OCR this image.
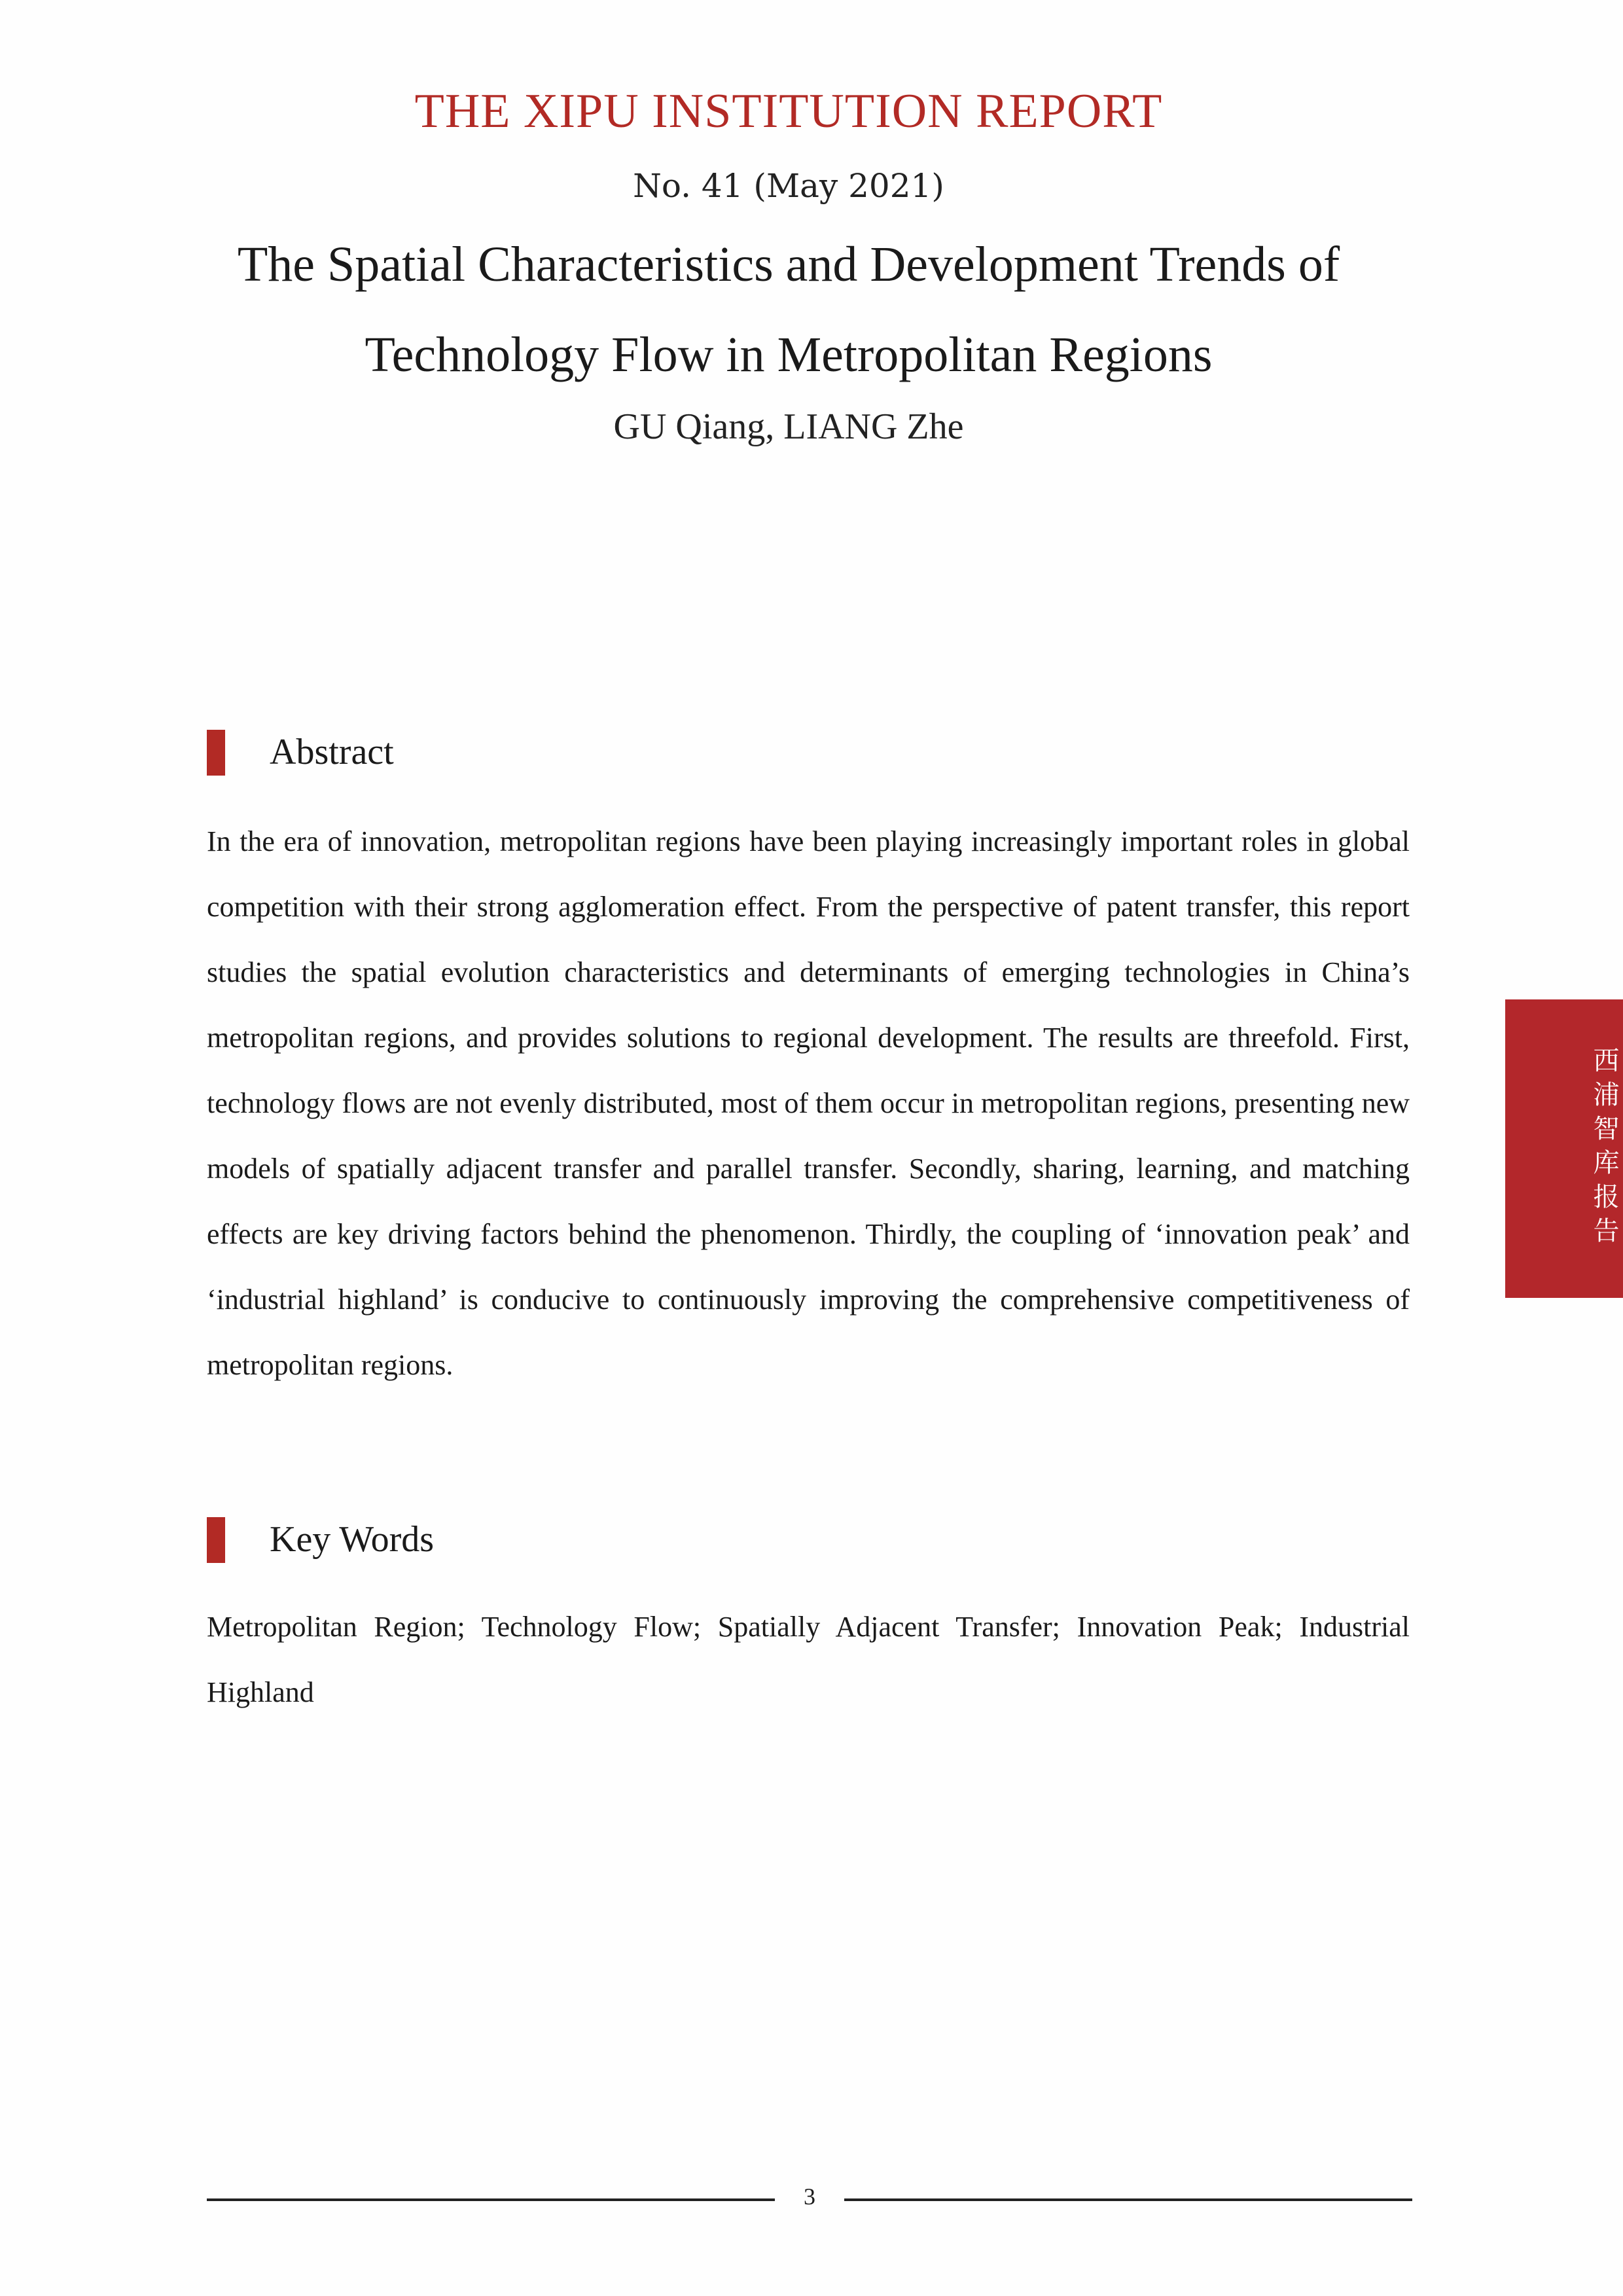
THE XIPU INSTITUTION REPORT
No. 41 (May 2021)
The Spatial Characteristics and Development Trends of
Technology Flow in Metropolitan Regions
GU Qiang, LIANG Zhe
Abstract
In the era of innovation, metropolitan regions have been playing increasingly important roles in global competition with their strong agglomeration effect. From the perspective of patent transfer, this report studies the spatial evolution characteristics and determinants of emerging technologies in China’s metropolitan regions, and provides solutions to regional development. The results are threefold. First, technology flows are not evenly distributed, most of them occur in metropolitan regions, presenting new models of spatially adjacent transfer and parallel transfer. Secondly, sharing, learning, and matching effects are key driving factors behind the phenomenon. Thirdly, the coupling of ‘innovation peak’ and ‘industrial highland’ is conducive to continuously improving the comprehensive competitiveness of metropolitan regions.
Key Words
Metropolitan Region; Technology Flow; Spatially Adjacent Transfer; Innovation Peak; Industrial Highland
西浦智库报告
3
